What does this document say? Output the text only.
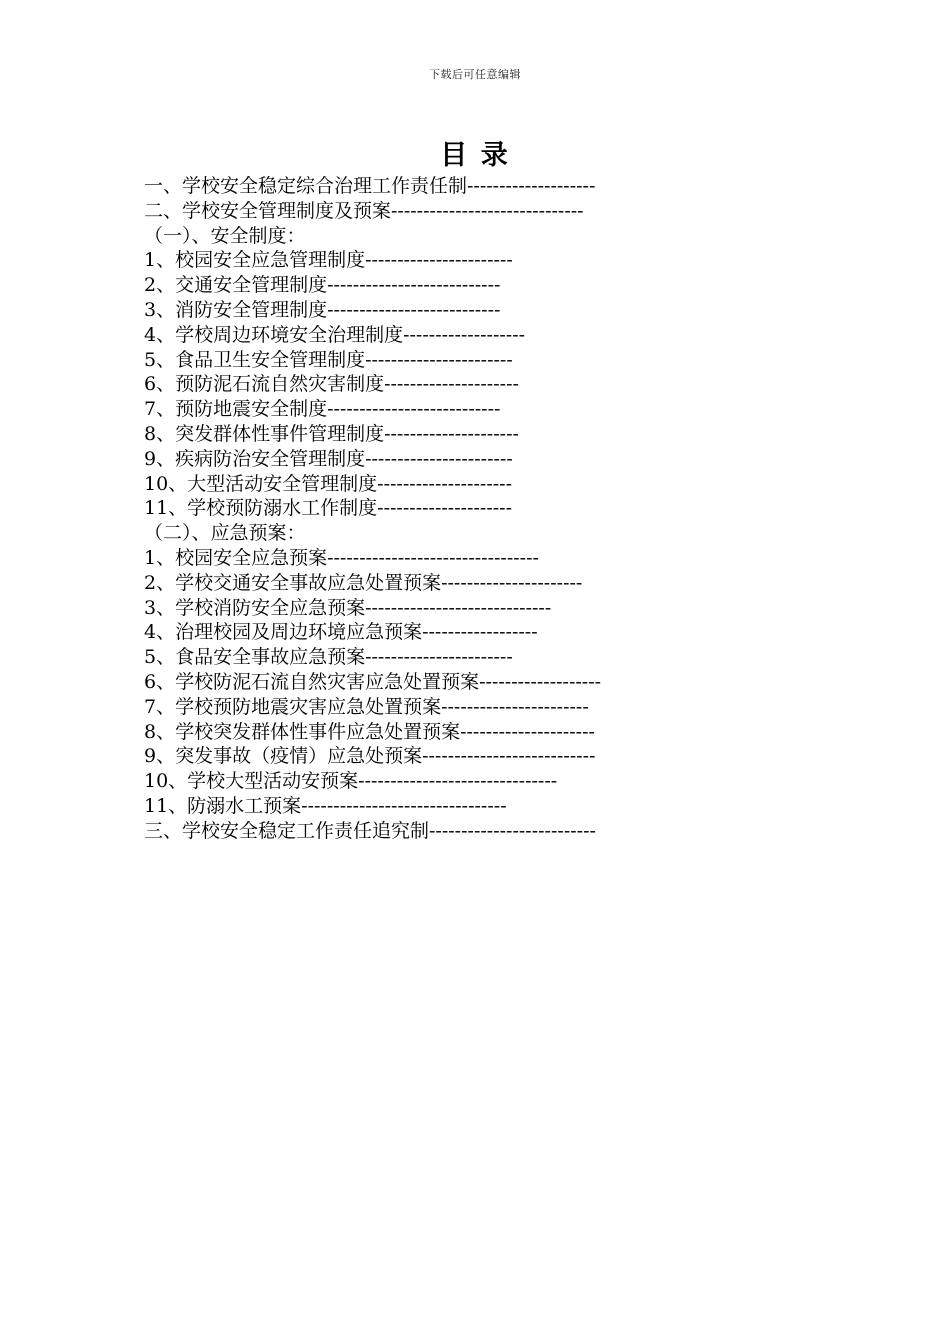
下载后可任意编辑
目 录
一、学校安全稳定综合治理工作责任制--------------------
二、学校安全管理制度及预案------------------------------
（一）、安全制度：
1、校园安全应急管理制度-----------------------
2、交通安全管理制度---------------------------
3、消防安全管理制度---------------------------
4、学校周边环境安全治理制度-------------------
5、食品卫生安全管理制度-----------------------
6、预防泥石流自然灾害制度---------------------
7、预防地震安全制度---------------------------
8、突发群体性事件管理制度---------------------
9、疾病防治安全管理制度-----------------------
10、大型活动安全管理制度---------------------
11、学校预防溺水工作制度---------------------
（二）、应急预案：
1、校园安全应急预案---------------------------------
2、学校交通安全事故应急处置预案----------------------
3、学校消防安全应急预案-----------------------------
4、治理校园及周边环境应急预案------------------
5、食品安全事故应急预案-----------------------
6、学校防泥石流自然灾害应急处置预案-------------------
7、学校预防地震灾害应急处置预案-----------------------
8、学校突发群体性事件应急处置预案---------------------
9、突发事故（疫情）应急处预案---------------------------
10、学校大型活动安预案-------------------------------
11、防溺水工预案--------------------------------
三、学校安全稳定工作责任追究制--------------------------
